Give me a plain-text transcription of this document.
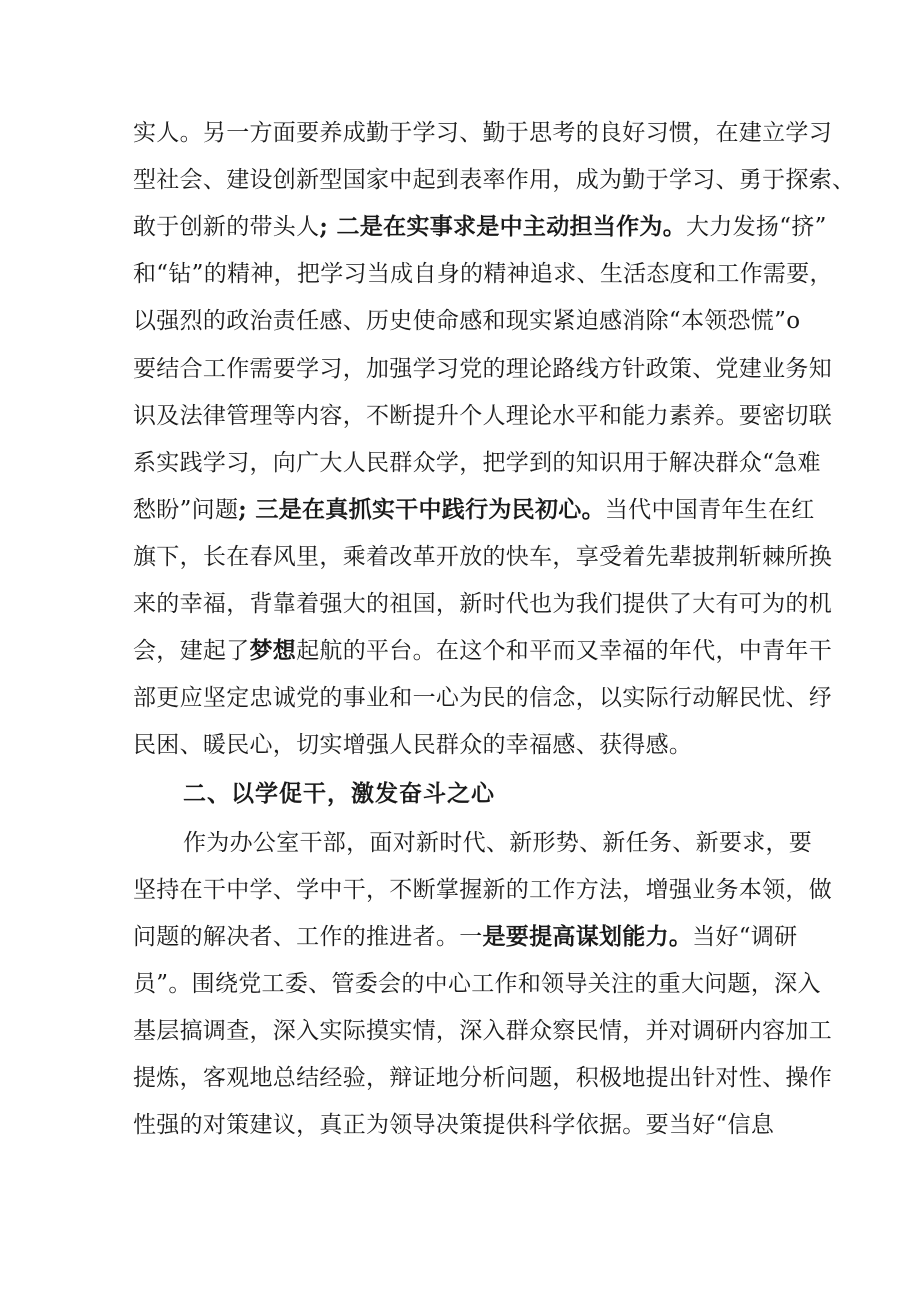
实人。另一方面要养成勤于学习、勤于思考的良好习惯，在建立学习
型社会、建设创新型国家中起到表率作用，成为勤于学习、勇于探索、
敢于创新的带头人; 二是在实事求是中主动担当作为。大力发扬“挤”
和“钻”的精神，把学习当成自身的精神追求、生活态度和工作需要，
以强烈的政治责任感、历史使命感和现实紧迫感消除“本领恐慌”o
要结合工作需要学习，加强学习党的理论路线方针政策、党建业务知
识及法律管理等内容，不断提升个人理论水平和能力素养。要密切联
系实践学习，向广大人民群众学，把学到的知识用于解决群众“急难
愁盼”问题; 三是在真抓实干中践行为民初心。当代中国青年生在红
旗下，长在春风里，乘着改革开放的快车，享受着先辈披荆斩棘所换
来的幸福，背靠着强大的祖国，新时代也为我们提供了大有可为的机
会，建起了梦想起航的平台。在这个和平而又幸福的年代，中青年干
部更应坚定忠诚党的事业和一心为民的信念，以实际行动解民忧、纾
民困、暖民心，切实增强人民群众的幸福感、获得感。
二、以学促干，激发奋斗之心
作为办公室干部，面对新时代、新形势、新任务、新要求，要
坚持在干中学、学中干，不断掌握新的工作方法，增强业务本领，做
问题的解决者、工作的推进者。一是要提高谋划能力。当好“调研
员”。围绕党工委、管委会的中心工作和领导关注的重大问题，深入
基层搞调查，深入实际摸实情，深入群众察民情，并对调研内容加工
提炼，客观地总结经验，辩证地分析问题，积极地提出针对性、操作
性强的对策建议，真正为领导决策提供科学依据。要当好“信息
